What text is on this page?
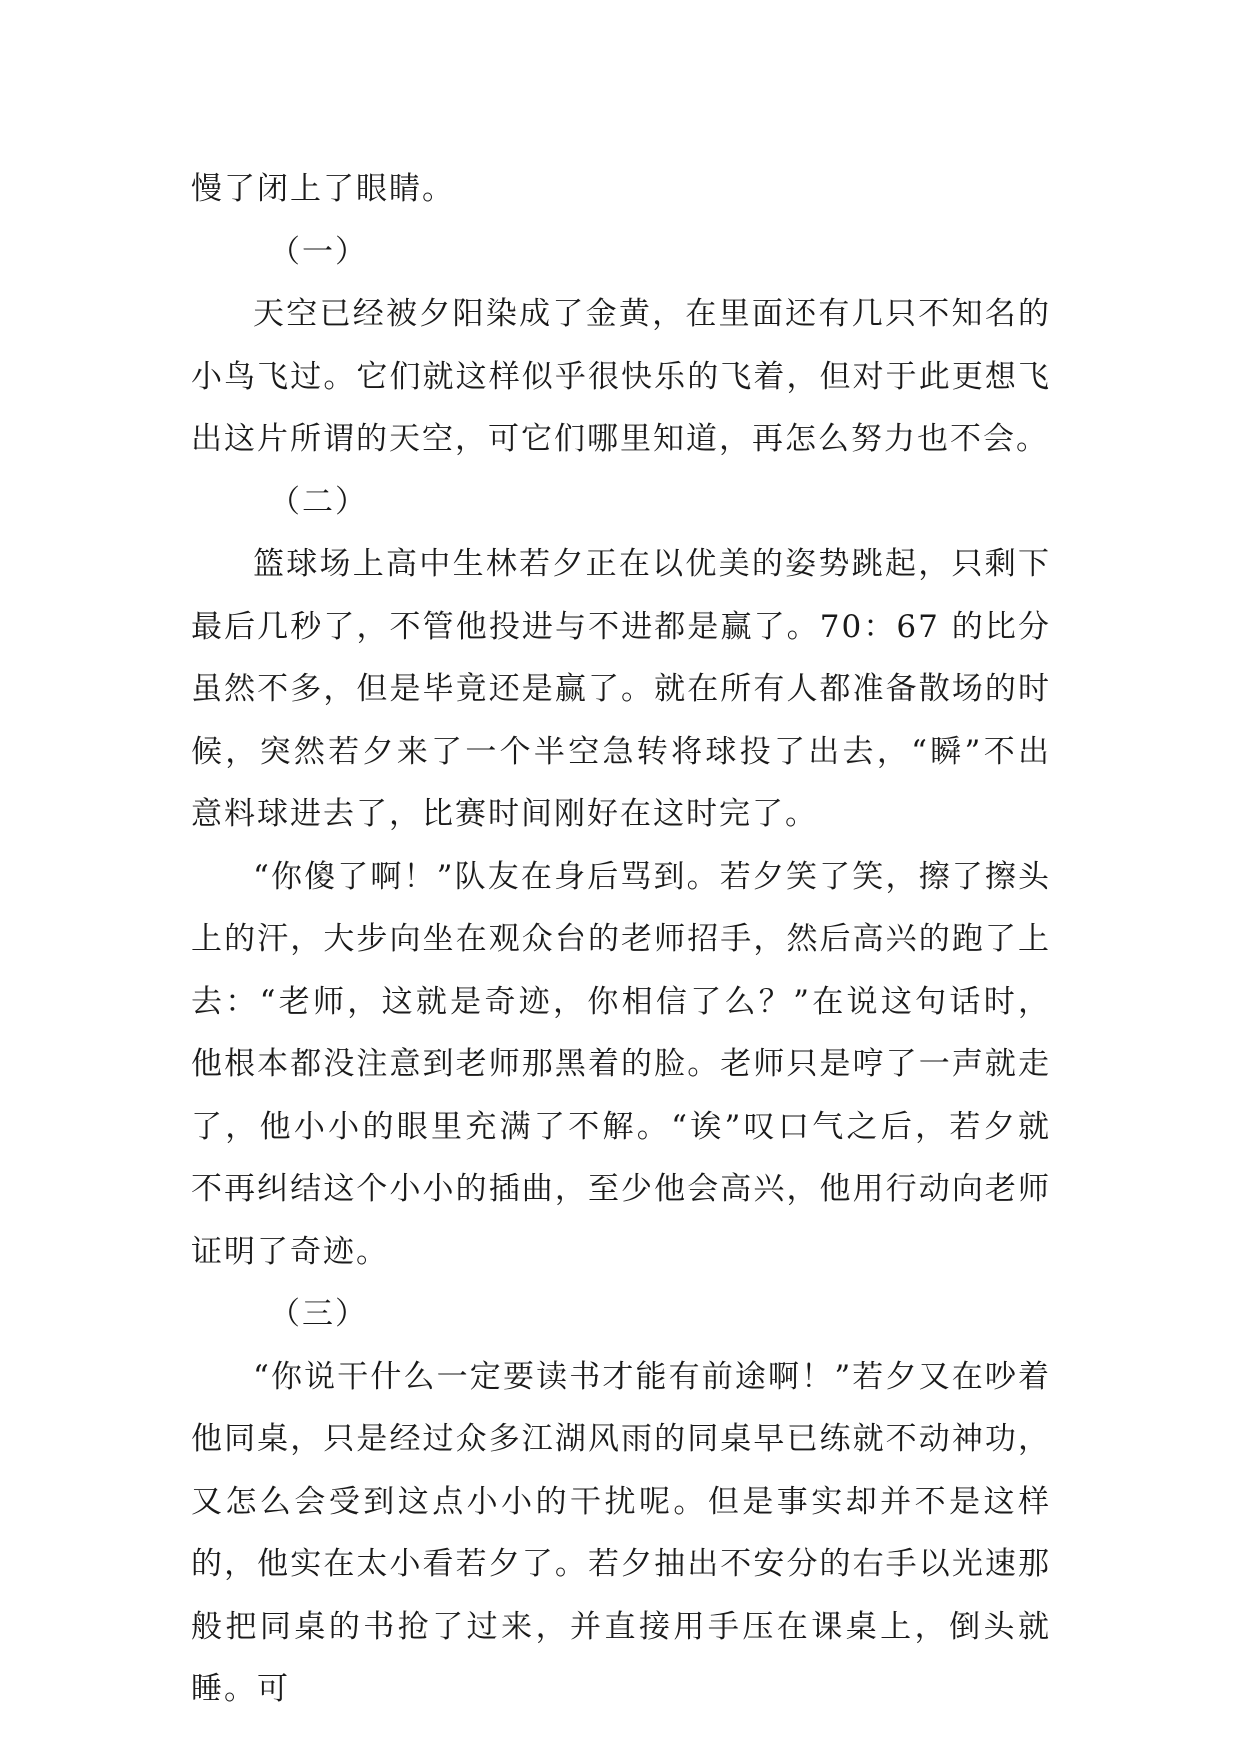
慢了闭上了眼睛。

（一）

天空已经被夕阳染成了金黄，在里面还有几只不知名的小鸟飞过。它们就这样似乎很快乐的飞着，但对于此更想飞出这片所谓的天空，可它们哪里知道，再怎么努力也不会。

（二）

篮球场上高中生林若夕正在以优美的姿势跳起，只剩下最后几秒了，不管他投进与不进都是赢了。70：67 的比分虽然不多，但是毕竟还是赢了。就在所有人都准备散场的时候，突然若夕来了一个半空急转将球投了出去，“瞬”不出意料球进去了，比赛时间刚好在这时完了。

“你傻了啊！”队友在身后骂到。若夕笑了笑，擦了擦头上的汗，大步向坐在观众台的老师招手，然后高兴的跑了上去：“老师，这就是奇迹，你相信了么？”在说这句话时，他根本都没注意到老师那黑着的脸。老师只是哼了一声就走了，他小小的眼里充满了不解。“诶”叹口气之后，若夕就不再纠结这个小小的插曲，至少他会高兴，他用行动向老师证明了奇迹。

（三）

“你说干什么一定要读书才能有前途啊！”若夕又在吵着他同桌，只是经过众多江湖风雨的同桌早已练就不动神功，又怎么会受到这点小小的干扰呢。但是事实却并不是这样的，他实在太小看若夕了。若夕抽出不安分的右手以光速那般把同桌的书抢了过来，并直接用手压在课桌上，倒头就睡。可
